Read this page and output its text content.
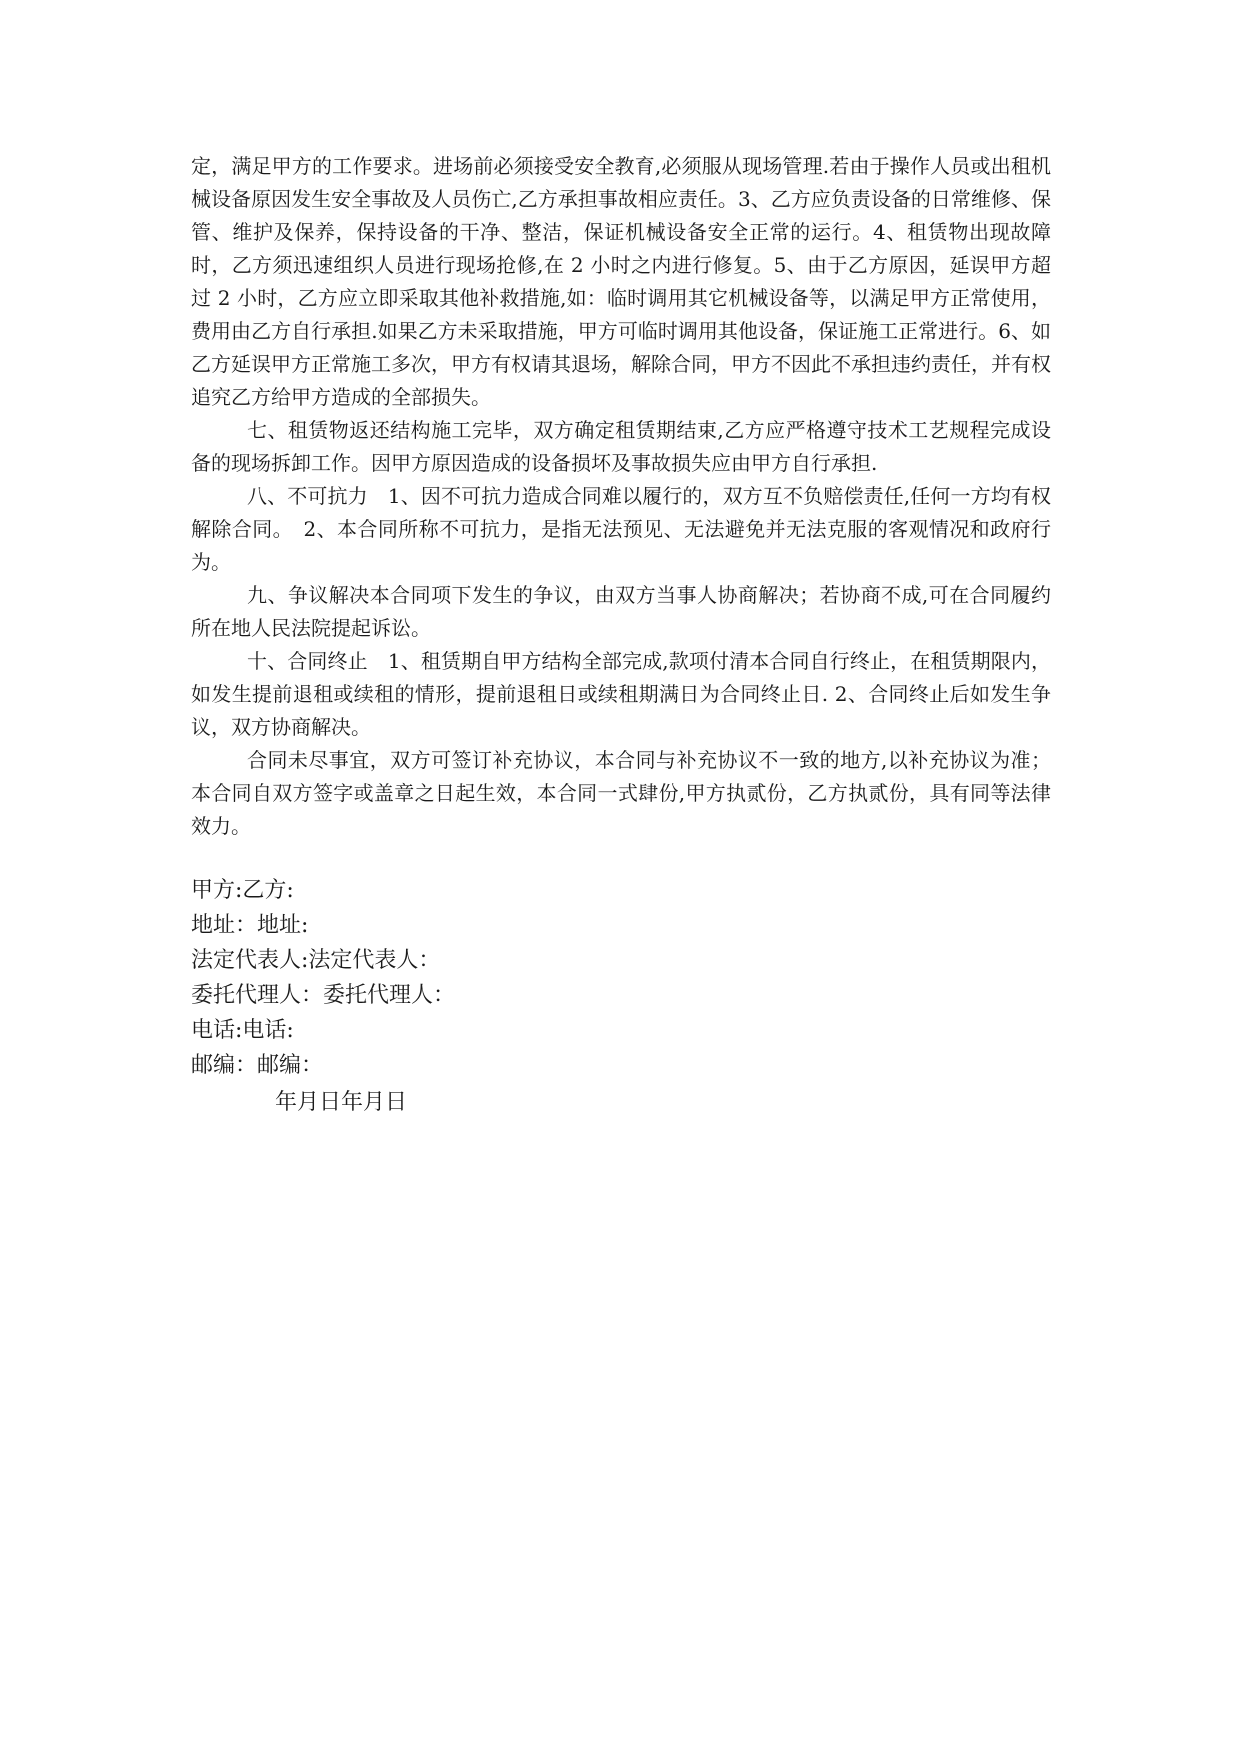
定，满足甲方的工作要求。进场前必须接受安全教育,必须服从现场管理.若由于操作人员或出租机械设备原因发生安全事故及人员伤亡,乙方承担事故相应责任。3、乙方应负责设备的日常维修、保管、维护及保养，保持设备的干净、整洁，保证机械设备安全正常的运行。4、租赁物出现故障时，乙方须迅速组织人员进行现场抢修,在 2 小时之内进行修复。5、由于乙方原因，延误甲方超过 2 小时，乙方应立即采取其他补救措施,如：临时调用其它机械设备等，以满足甲方正常使用，费用由乙方自行承担.如果乙方未采取措施，甲方可临时调用其他设备，保证施工正常进行。6、如乙方延误甲方正常施工多次，甲方有权请其退场，解除合同，甲方不因此不承担违约责任，并有权追究乙方给甲方造成的全部损失。

七、租赁物返还结构施工完毕，双方确定租赁期结束,乙方应严格遵守技术工艺规程完成设备的现场拆卸工作。因甲方原因造成的设备损坏及事故损失应由甲方自行承担.

八、不可抗力　1、因不可抗力造成合同难以履行的，双方互不负赔偿责任,任何一方均有权解除合同。　2、本合同所称不可抗力，是指无法预见、无法避免并无法克服的客观情况和政府行为。

九、争议解决本合同项下发生的争议，由双方当事人协商解决；若协商不成,可在合同履约所在地人民法院提起诉讼。

十、合同终止　1、租赁期自甲方结构全部完成,款项付清本合同自行终止，在租赁期限内，如发生提前退租或续租的情形，提前退租日或续租期满日为合同终止日. 2、合同终止后如发生争议，双方协商解决。

合同未尽事宜，双方可签订补充协议，本合同与补充协议不一致的地方,以补充协议为准；本合同自双方签字或盖章之日起生效，本合同一式肆份,甲方执贰份，乙方执贰份，具有同等法律效力。

甲方:乙方:

地址：地址:

法定代表人:法定代表人：

委托代理人：委托代理人：

电话:电话:

邮编：邮编：

年月日年月日
